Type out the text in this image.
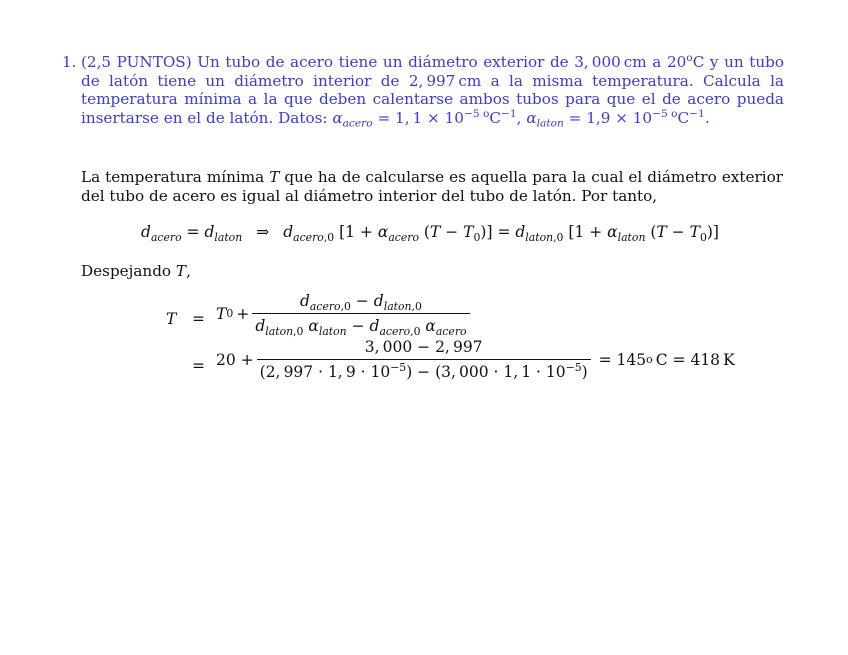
1. (2,5 PUNTOS) Un tubo de acero tiene un diámetro exterior de 3, 000 cm a 20$^o$C y un tubo de latón tiene un diámetro interior de 2, 997 cm a la misma temperatura. Calcula la temperatura mínima a la que deben calentarse ambos tubos para que el de acero pueda insertarse en el de latón. Datos: $\alpha_{acero} = 1$, $1 \times 10^{-5 o}C^{-1}$, $\alpha_{laton} = 1,9 \times 10^{-5 o}C^{-1}$.
La temperatura mínima T que ha de calcularse es aquella para la cual el diámetro exterior del tubo de acero es igual al diámetro interior del tubo de latón. Por tanto,
$d_{acero} = d_{laton}$ ⇒ $d_{acero,0}$ [$1 + \alpha_{acero}$ $(T - T_0)] = d_{laton,0}$ [$1 + \alpha_{laton}$ $(T - T_0)$]
Despejando T,
T	= T $0 + \frac{d_{acero,0} - d_{laton,0}}{d_{laton,0} \alpha_{laton} - d_{acero,0} \alpha_{acero}}$
= $20 + \frac{3, 000 - 2, 997}{(2, 997 \cdot 1, 9 \cdot 10^{-5}) - (3, 000 \cdot 1, 1 \cdot 10^{-5})} = 145$ o  C = 418 K
